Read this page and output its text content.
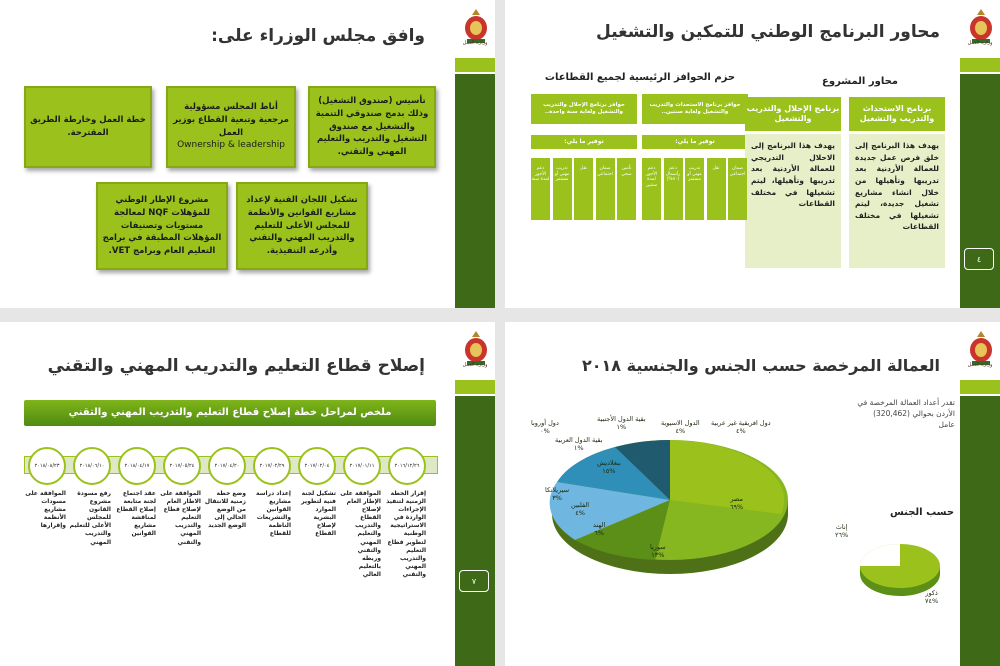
وزارة العمل
٤
محاور البرنامج الوطني للتمكين والتشغيل
حزم الحوافز الرئيسية لجميع القطاعات	محاور المشروع
حوافز برنامج الإحلال والتدريب والتشغيل ولغاية سنة واحدة..
حوافز برنامج الاستحداث والتدريب والتشغيل ولغاية سنتين..
توفير ما يلي:	توفير ما يلي:
برنامج الإحلال والتدريب والتشغيل
يهدف هذا البرنامج إلى الاحلال التدريجي للعمالة الأردنية بعد تدريبها وتأهيلها، ليتم تشغيلها في مختلف القطاعات
برنامج الاستحداث والتدريب والتشغيل
يهدف هذا البرنامج إلى خلق فرص عمل جديدة للعمالة الأردنية بعد تدريبها وتأهيلها من خلال انشاء مشاريع تشغيل جديدة، ليتم تشغيلها في مختلف القطاعات
دعم الأجور لمدة سنة
تدريب مهني أو مستمر
نقل	ضمان اجتماعي
تأمين صحي
دعم الأجور لمدة سنتين
دعم رأسمال (٧٠%)
تدريب مهني أو مستمر
نقل	ضمان اجتماعي
وزارة العمل
وافق مجلس الوزراء على:
تأسيس (صندوق التشغيل) وذلك بدمج صندوقي التنمية والتشغيل مع صندوق التشغيل والتدريب والتعليم المهني والتقني.
أناط المجلس مسؤولية مرجعية وتبعية القطاع بوزير العمل
Ownership & leadership
خطة العمل وخارطة الطريق المقترحة.
تشكيل اللجان الفنية لإعداد مشاريع القوانين والأنظمة للمجلس الأعلى للتعليم والتدريب المهني والتقني وأذرعه التنفيذية.
مشروع الإطار الوطني للمؤهلات NQF لمعالجة مستويات وتصنيفات المؤهلات المطبقة في برامج التعليم العام وبرامج VET.
وزارة العمل
العمالة المرخصة حسب الجنس والجنسية ٢٠١٨
تقدر أعداد العمالة المرخصة في الأردن بحوالي (320,462) عامل
مصر
%٦٩
سوريا
%١٣
الهند
%٦
الفلبين
%٤
سيريلانكا
%٣
بنغلاديش
%١٥
بقية الدول العربية
%١
دول أوروبا
%٠
بقية الدول الأجنبية
%١	الدول الاسيوية
%٤
دول افريقية غير عربية
%٤
حسب الجنس
إناث
%٢٦
ذكور
%٧٤
وزارة العمل
٧
إصلاح قطاع التعليم والتدريب المهني والتقني
ملخص لمراحل خطة إصلاح قطاع التعليم والتدريب المهني والتقني
٢٠١٦/١٢/٢٦
إقرار الخطة الزمنية لتنفيذ الإجراءات الواردة في الاستراتيجية الوطنية لتطوير قطاع التعليم والتدريب المهني والتقني
٢٠١٧/٠١/١١
الموافقة على الإطار العام لإصلاح القطاع والتدريب والتعليم المهني والتقني وربطه بالتعليم العالي
٢٠١٧/٠٢/٠٤
تشكيل لجنة فنية لتطوير الموارد البشرية لإصلاح القطاع
٢٠١٧/٠٢/٢٩
إعداد دراسة مشاريع القوانين والتشريعات الناظمة للقطاع
٢٠١٧/٠٤/٢٠
وضع خطة زمنية للانتقال من الوضع الحالي إلى الوضع الجديد
٢٠١٧/٠٥/٢٤
الموافقة على الاطار العام لإصلاح قطاع التعليم والتدريب المهني والتقني
٢٠١٨/٠٤/١٧
عقد اجتماع لجنة متابعة إصلاح القطاع لمناقشة مشاريع القوانين
٢٠١٨/٠٦/١٠
رفع مسودة مشروع القانون للمجلس الأعلى للتعليم والتدريب المهني
٢٠١٨/٠٨/٢٣
الموافقة على مسودات مشاريع الأنظمة وإقرارها
